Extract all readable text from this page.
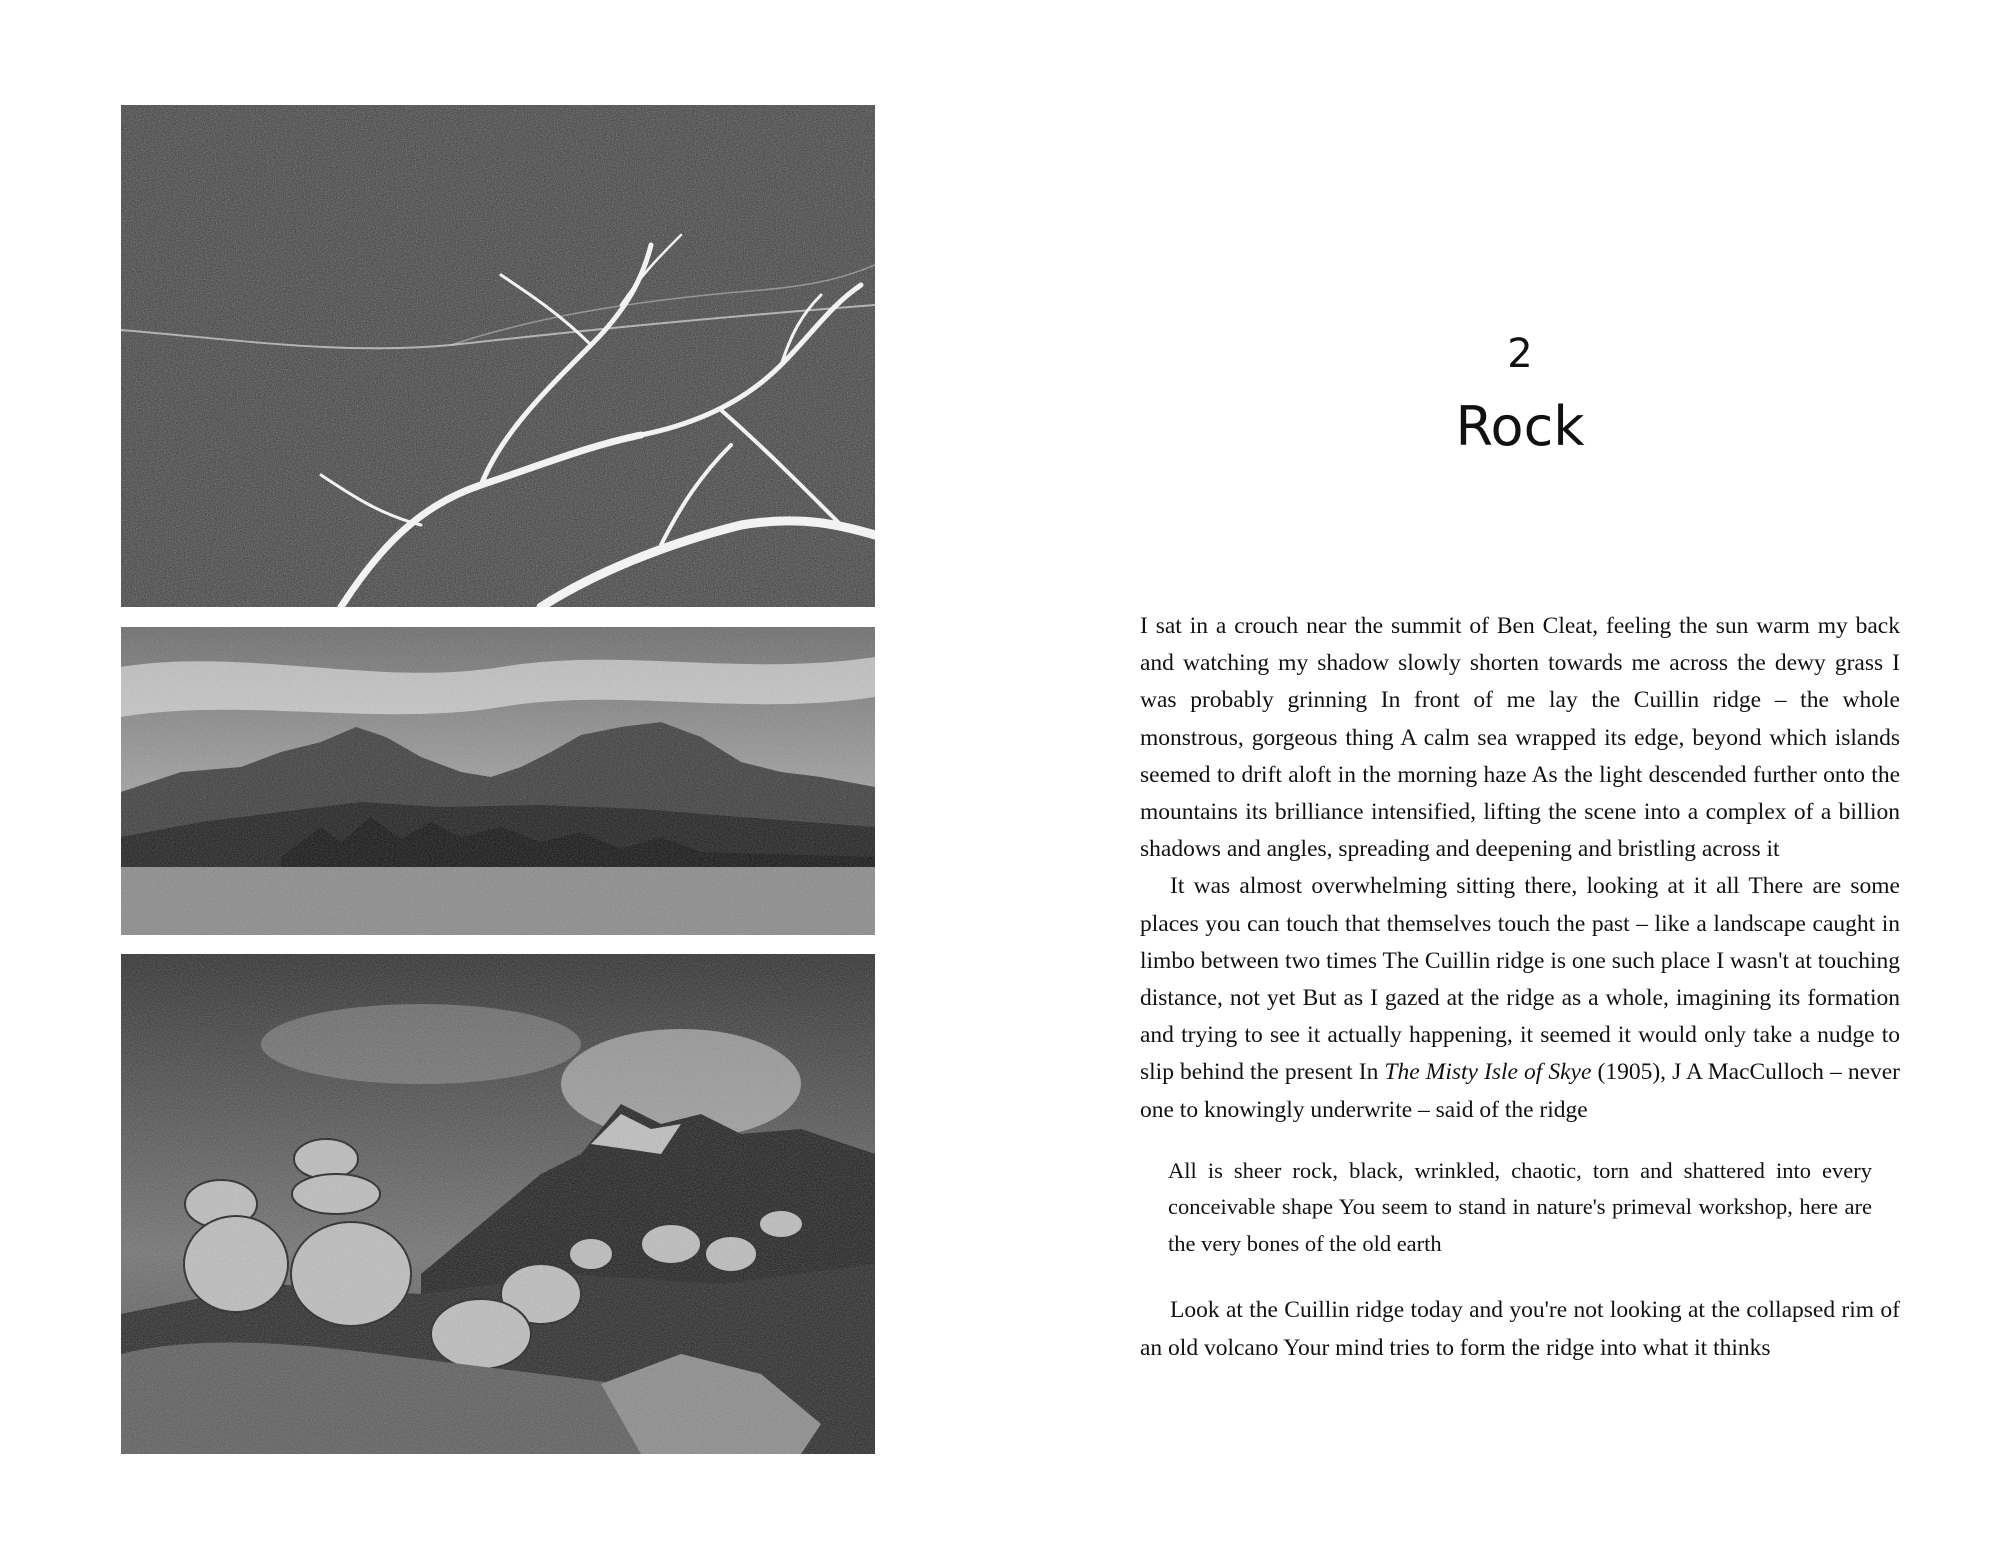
2
Rock

I sat in a crouch near the summit of Ben Cleat, feeling the sun warm my back and watching my shadow slowly shorten towards me across the dewy grass I was probably grinning In front of me lay the Cuillin ridge – the whole monstrous, gorgeous thing A calm sea wrapped its edge, beyond which islands seemed to drift aloft in the morning haze As the light descended further onto the mountains its brilliance intensified, lifting the scene into a complex of a billion shadows and angles, spreading and deepening and bristling across it

It was almost overwhelming sitting there, looking at it all There are some places you can touch that themselves touch the past – like a landscape caught in limbo between two times The Cuillin ridge is one such place I wasn't at touching distance, not yet But as I gazed at the ridge as a whole, imagining its formation and trying to see it actually happening, it seemed it would only take a nudge to slip behind the present In The Misty Isle of Skye (1905), J A MacCulloch – never one to knowingly underwrite – said of the ridge

All is sheer rock, black, wrinkled, chaotic, torn and shattered into every conceivable shape You seem to stand in nature's primeval workshop, here are the very bones of the old earth

Look at the Cuillin ridge today and you're not looking at the collapsed rim of an old volcano Your mind tries to form the ridge into what it thinks
